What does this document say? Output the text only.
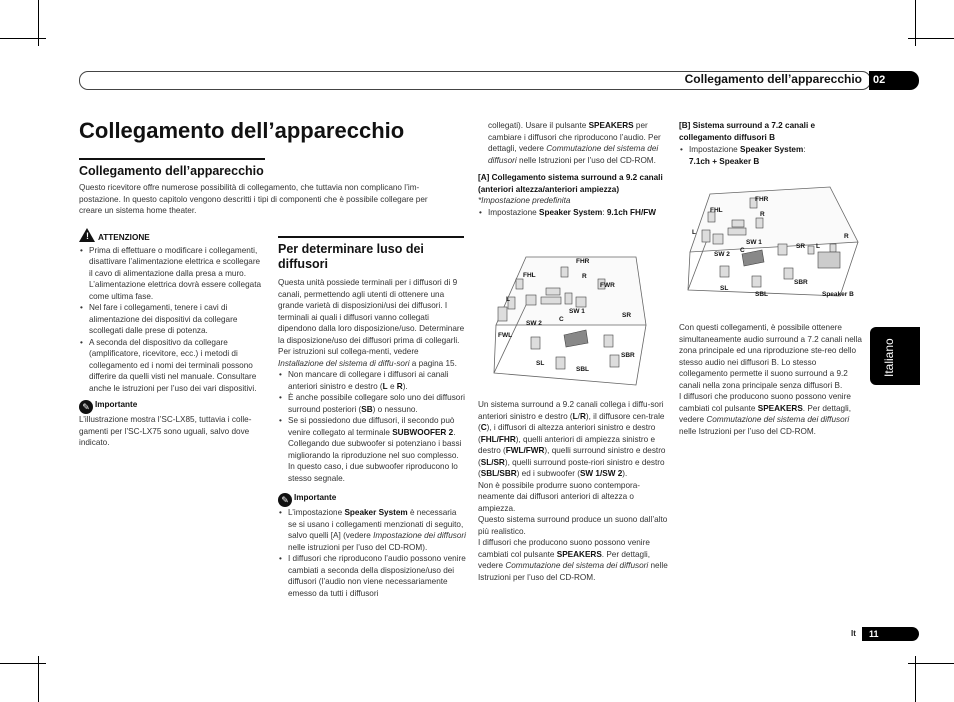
Collegamento dell’apparecchio	02
Italiano
Collegamento dell’apparecchio
Collegamento dell’apparecchio
Questo ricevitore offre numerose possibilità di collegamento, che tuttavia non complicano l’im-postazione. In questo capitolo vengono descritti i tipi di componenti che è possibile collegare per creare un sistema home theater.
! ATTENZIONE
• Prima di effettuare o modificare i collegamenti, disattivare l’alimentazione elettrica e scollegare il cavo di alimentazione dalla presa a muro. L’alimentazione elettrica dovrà essere collegata come ultima fase.
• Nel fare i collegamenti, tenere i cavi di alimentazione dei dispositivi da collegare scollegati dalle prese di potenza.
• A seconda del dispositivo da collegare (amplificatore, ricevitore, ecc.) i metodi di collegamento ed i nomi dei terminali possono differire da quelli visti nel manuale. Consultare anche le istruzioni per l’uso dei vari dispositivi.
✎ Importante
L’illustrazione mostra l’SC-LX85, tuttavia i colle-gamenti per l’SC-LX75 sono uguali, salvo dove indicato.
Per determinare luso dei diffusori
Questa unità possiede terminali per i diffusori di 9 canali, permettendo agli utenti di ottenere una grande varietà di disposizioni/usi dei diffusori. I terminali ai quali i diffusori vanno collegati dipendono dalla loro disposizione/uso. Determinare la disposizione/uso dei diffusori prima di collegarli. Per istruzioni sul collega-menti, vedere Installazione del sistema di diffu-sori a pagina 15.
• Non mancare di collegare i diffusori ai canali anteriori sinistro e destro (L e R).
• È anche possibile collegare solo uno dei diffusori surround posteriori (SB) o nessuno.
• Se si possiedono due diffusori, il secondo può venire collegato al terminale SUBWOOFER 2. Collegando due subwoofer si potenziano i bassi migliorando la riproduzione nel suo complesso. In questo caso, i due subwoofer riproducono lo stesso segnale.
✎ Importante
• L’impostazione Speaker System è necessaria se si usano i collegamenti menzionati di seguito, salvo quelli [A] (vedere Impostazione dei diffusori nelle istruzioni per l’uso del CD-ROM).
• I diffusori che riproducono l’audio possono venire cambiati a seconda della disposizione/uso dei diffusori (l’audio non viene necessariamente emesso da tutti i diffusori
collegati). Usare il pulsante SPEAKERS per cambiare i diffusori che riproducono l’audio. Per dettagli, vedere Commutazione del sistema dei diffusori nelle Istruzioni per l’uso del CD-ROM.
[A] Collegamento sistema surround a 9.2 canali (anteriori altezza/anteriori ampiezza)
*Impostazione predefinita
• Impostazione Speaker System: 9.1ch FH/FW
FHL
FHR
FWR
R
FWL
L
SW 2
SW 1
C
SR
SL
SBL
SBR
Un sistema surround a 9.2 canali collega i diffu-sori anteriori sinistro e destro (L/R), il diffusore cen-trale (C), i diffusori di altezza anteriori sinistro e destro (FHL/FHR), quelli anteriori di ampiezza sinistro e destro (FWL/FWR), quelli surround sinistro e destro (SL/SR), quelli surround poste-riori sinistro e destro (SBL/SBR) ed i subwoofer (SW 1/SW 2).
Non è possibile produrre suono contempora-neamente dai diffusori anteriori di altezza o ampiezza.
Questo sistema surround produce un suono dall’alto più realistico.
I diffusori che producono suono possono venire cambiati col pulsante SPEAKERS. Per dettagli, vedere Commutazione del sistema dei diffusori nelle Istruzioni per l’uso del CD-ROM.
[B] Sistema surround a 7.2 canali e collegamento diffusori B
• Impostazione Speaker System:
7.1ch + Speaker B
FHL
FHR
R
L
SW 1
SW 2
C
SR L
R
SL
SBL
SBR
Speaker B
Con questi collegamenti, è possibile ottenere simultaneamente audio surround a 7.2 canali nella zona principale ed una riproduzione ste-reo dello stesso audio nei diffusori B. Lo stesso collegamento permette il suono surround a 9.2 canali nella zona principale senza diffusori B.
I diffusori che producono suono possono venire cambiati col pulsante SPEAKERS. Per dettagli, vedere Commutazione del sistema dei diffusori nelle Istruzioni per l’uso del CD-ROM.
It	11
